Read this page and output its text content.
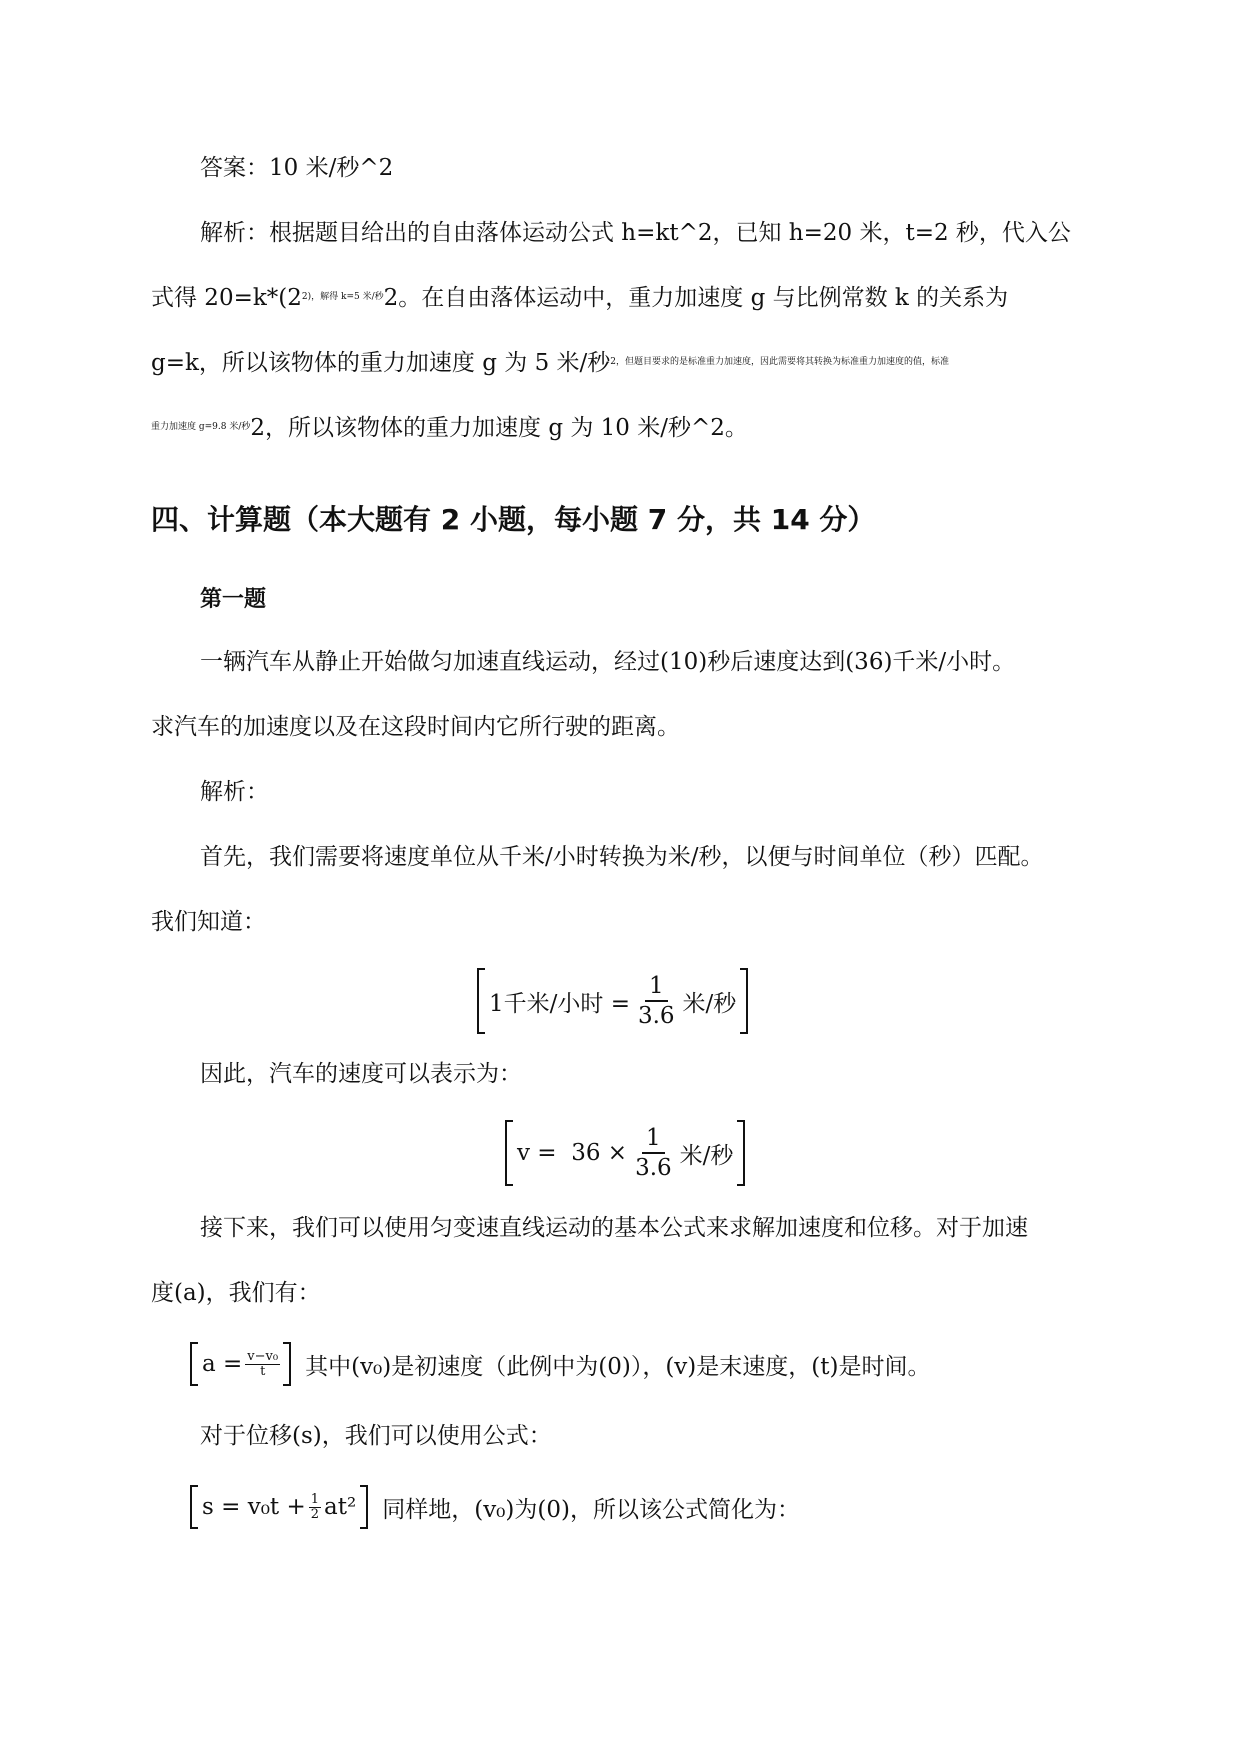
答案：10 米/秒^2
解析：根据题目给出的自由落体运动公式 h=kt^2，已知 h=20 米，t=2 秒，代入公
式得 $20=k*(2^{2),解得 k=5 米/秒}2$。在自由落体运动中，重力加速度 g 与比例常数 k 的关系为
g=k，所以该物体的重力加速度 g 为 5 米/秒$^{2,但题目要求的是标准重力加速度,因此需要将其转换为标准重力加速度的值,标准}$
$^{重力加速度 g=9.8 米/秒}$2，所以该物体的重力加速度 g 为 10 米/秒^2。
四、计算题（本大题有 2 小题，每小题 7 分，共 14 分）
第一题
一辆汽车从静止开始做匀加速直线运动，经过(10)秒后速度达到(36)千米/小时。
求汽车的加速度以及在这段时间内它所行驶的距离。
解析：
首先，我们需要将速度单位从千米/小时转换为米/秒，以便与时间单位（秒）匹配。
我们知道：
1千米/小时 = $\frac{1}{3.6}$ 米/秒
因此，汽车的速度可以表示为：
$v = 36 \times \frac{1}{3.6}$ 米/秒
接下来，我们可以使用匀变速直线运动的基本公式来求解加速度和位移。对于加速
度(a)，我们有：
$a = \frac{\text{v−v₀}}{t}$ 其中(v₀)是初速度（此例中为(0)），(v)是末速度，(t)是时间。
对于位移(s)，我们可以使用公式：
$s = v_0t + \frac{1}{2} at^2$ 同样地，(v₀)为(0)，所以该公式简化为：
